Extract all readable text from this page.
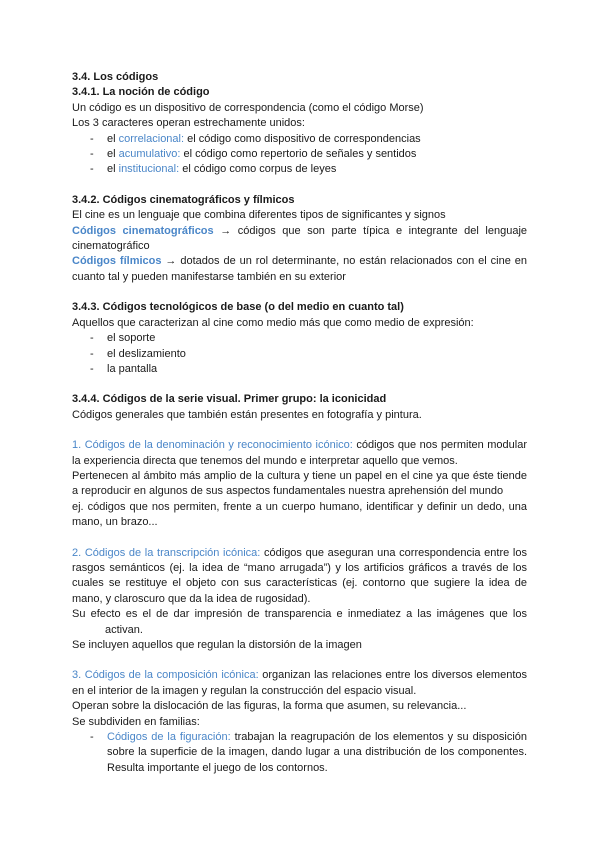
3.4. Los códigos
3.4.1. La noción de código
Un código es un dispositivo de correspondencia (como el código Morse)
Los 3 caracteres operan estrechamente unidos:
- el correlacional: el código como dispositivo de correspondencias
- el acumulativo: el código como repertorio de señales y sentidos
- el institucional: el código como corpus de leyes
3.4.2. Códigos cinematográficos y fílmicos
El cine es un lenguaje que combina diferentes tipos de significantes y signos
Códigos cinematográficos → códigos que son parte típica e integrante del lenguaje
cinematográfico
Códigos fílmicos → dotados de un rol determinante, no están relacionados con el cine en
cuanto tal y pueden manifestarse también en su exterior
3.4.3. Códigos tecnológicos de base (o del medio en cuanto tal)
Aquellos que caracterizan al cine como medio más que como medio de expresión:
- el soporte
- el deslizamiento
- la pantalla
3.4.4. Códigos de la serie visual. Primer grupo: la iconicidad
Códigos generales que también están presentes en fotografía y pintura.
1. Códigos de la denominación y reconocimiento icónico: códigos que nos permiten modular
la experiencia directa que tenemos del mundo e interpretar aquello que vemos.
Pertenecen al ámbito más amplio de la cultura y tiene un papel en el cine ya que éste tiende
a reproducir en algunos de sus aspectos fundamentales nuestra aprehensión del mundo
ej. códigos que nos permiten, frente a un cuerpo humano, identificar y definir un dedo, una
mano, un brazo...
2. Códigos de la transcripción icónica: códigos que aseguran una correspondencia entre los
rasgos semánticos (ej. la idea de “mano arrugada”) y los artificios gráficos a través de los
cuales se restituye el objeto con sus características (ej. contorno que sugiere la idea de
mano, y claroscuro que da la idea de rugosidad).
Su efecto es el de dar impresión de transparencia e inmediatez a las imágenes que los
activan.
Se incluyen aquellos que regulan la distorsión de la imagen
3. Códigos de la composición icónica: organizan las relaciones entre los diversos elementos
en el interior de la imagen y regulan la construcción del espacio visual.
Operan sobre la dislocación de las figuras, la forma que asumen, su relevancia...
Se subdividen en familias:
- Códigos de la figuración: trabajan la reagrupación de los elementos y su disposición
sobre la superficie de la imagen, dando lugar a una distribución de los componentes.
Resulta importante el juego de los contornos.
